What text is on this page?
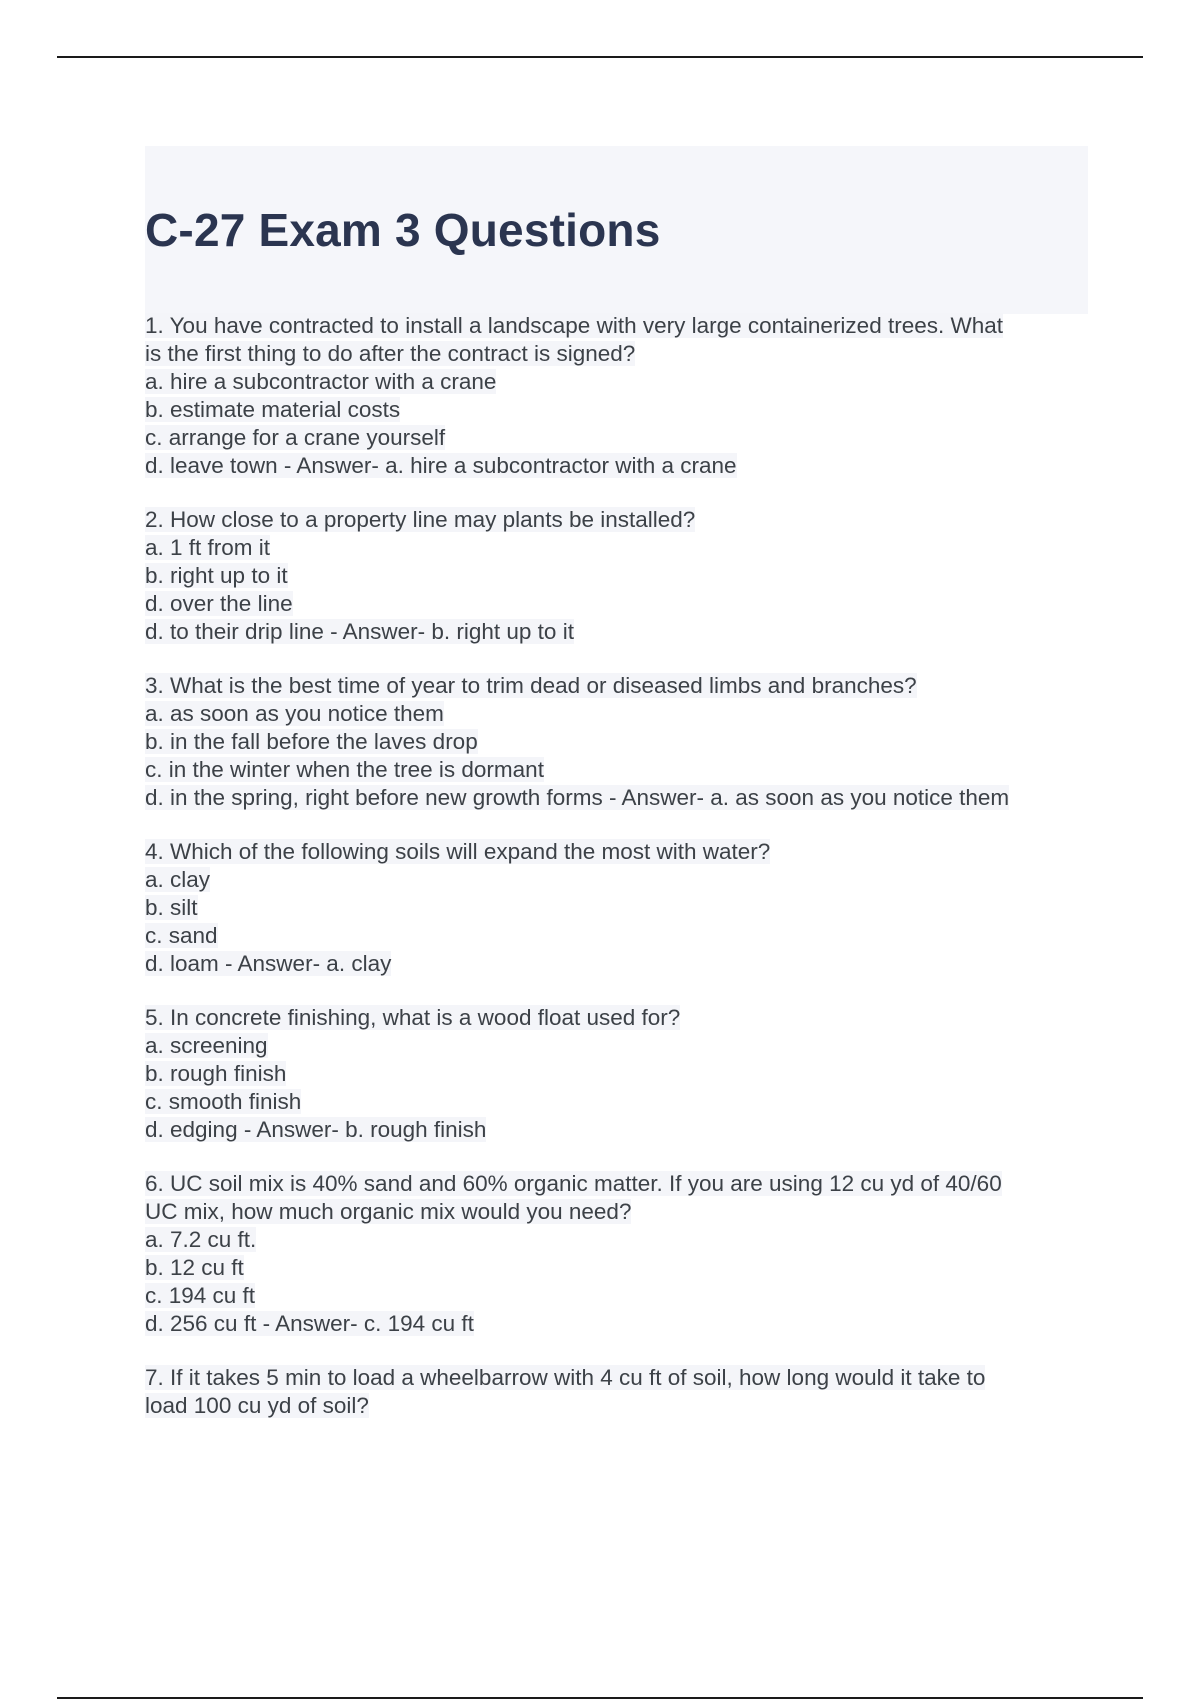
C-27 Exam 3 Questions
1. You have contracted to install a landscape with very large containerized trees. What
is the first thing to do after the contract is signed?
a. hire a subcontractor with a crane
b. estimate material costs
c. arrange for a crane yourself
d. leave town - Answer- a. hire a subcontractor with a crane
2. How close to a property line may plants be installed?
a. 1 ft from it
b. right up to it
d. over the line
d. to their drip line - Answer- b. right up to it
3. What is the best time of year to trim dead or diseased limbs and branches?
a. as soon as you notice them
b. in the fall before the laves drop
c. in the winter when the tree is dormant
d. in the spring, right before new growth forms - Answer- a. as soon as you notice them
4. Which of the following soils will expand the most with water?
a. clay
b. silt
c. sand
d. loam - Answer- a. clay
5. In concrete finishing, what is a wood float used for?
a. screening
b. rough finish
c. smooth finish
d. edging - Answer- b. rough finish
6. UC soil mix is 40% sand and 60% organic matter. If you are using 12 cu yd of 40/60
UC mix, how much organic mix would you need?
a. 7.2 cu ft.
b. 12 cu ft
c. 194 cu ft
d. 256 cu ft - Answer- c. 194 cu ft
7. If it takes 5 min to load a wheelbarrow with 4 cu ft of soil, how long would it take to
load 100 cu yd of soil?
